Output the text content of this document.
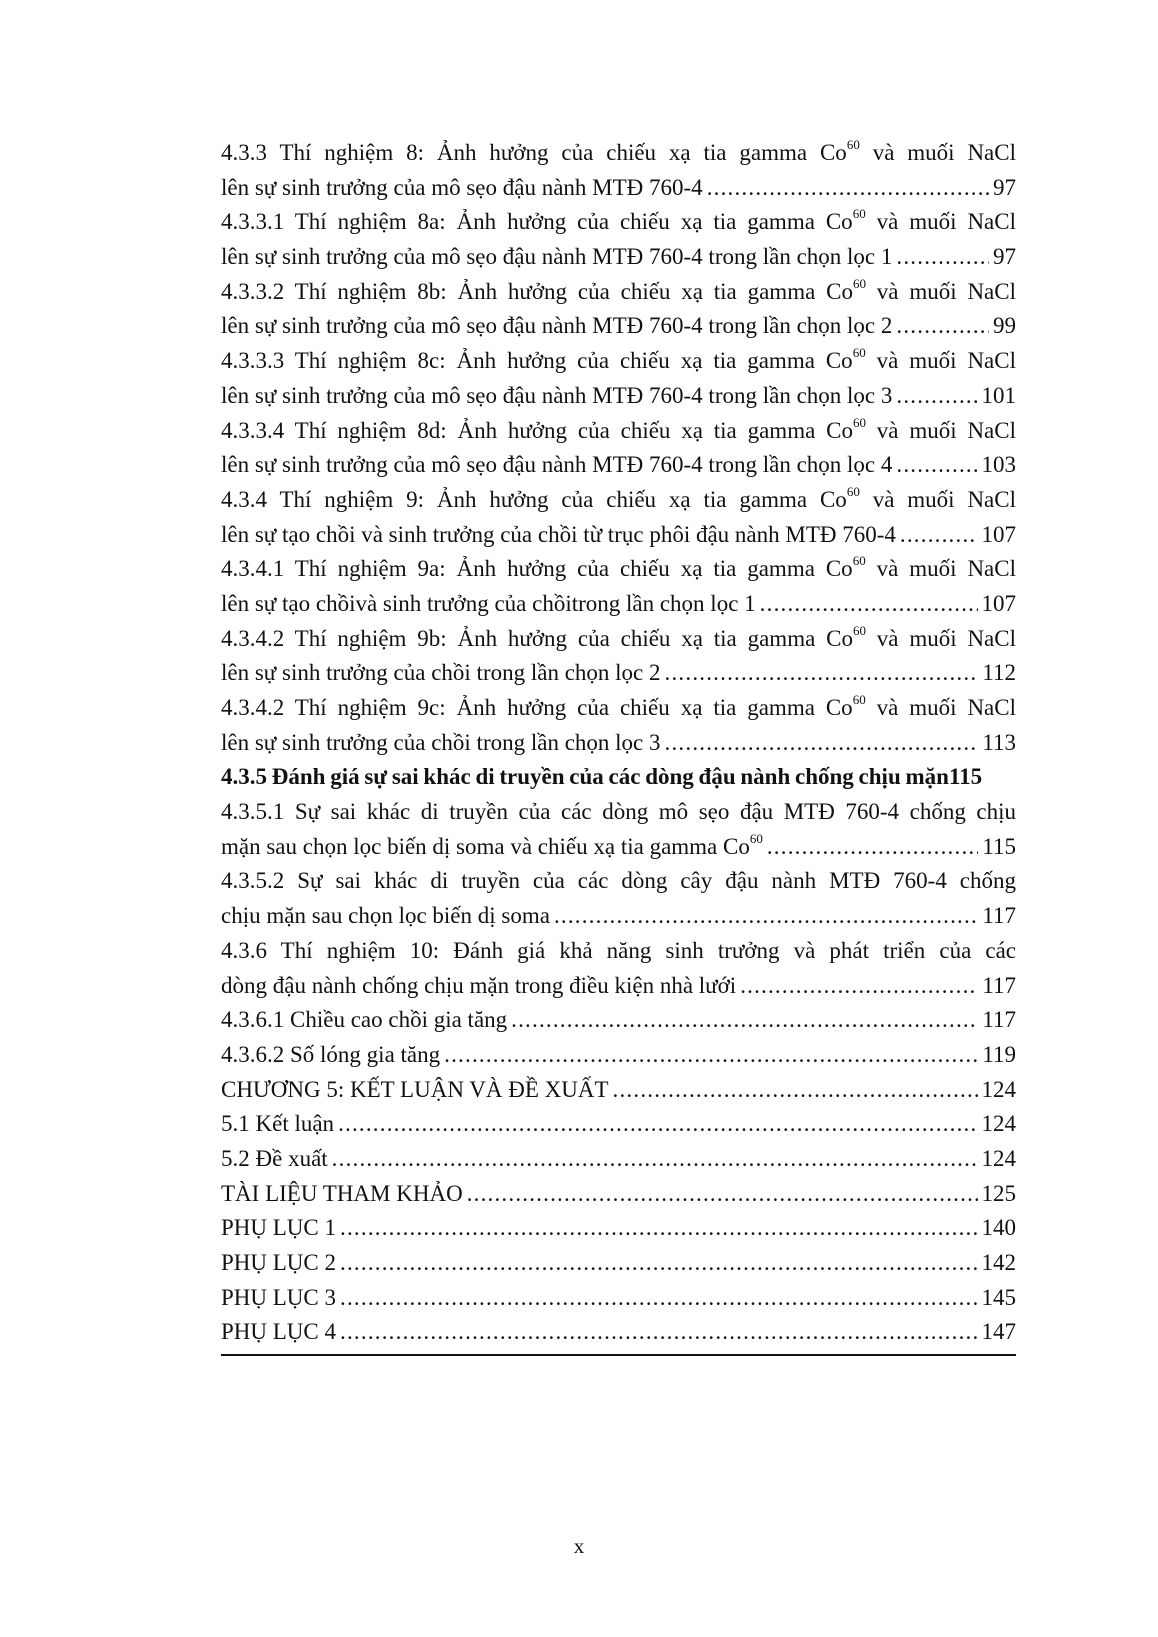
4.3.3 Thí nghiệm 8: Ảnh hưởng của chiếu xạ tia gamma Co$^{60}$ và muối NaCl
lên sự sinh trưởng của mô sẹo đậu nành MTĐ 760-4 .....	97
4.3.3.1 Thí nghiệm 8a: Ảnh hưởng của chiếu xạ tia gamma Co$^{60}$ và muối NaCl
lên sự sinh trưởng của mô sẹo đậu nành MTĐ 760-4 trong lần chọn lọc 1 .....	97
4.3.3.2 Thí nghiệm 8b: Ảnh hưởng của chiếu xạ tia gamma Co$^{60}$ và muối NaCl
lên sự sinh trưởng của mô sẹo đậu nành MTĐ 760-4 trong lần chọn lọc 2 .....	99
4.3.3.3 Thí nghiệm 8c: Ảnh hưởng của chiếu xạ tia gamma Co$^{60}$ và muối NaCl
lên sự sinh trưởng của mô sẹo đậu nành MTĐ 760-4 trong lần chọn lọc 3 .....	101
4.3.3.4 Thí nghiệm 8d: Ảnh hưởng của chiếu xạ tia gamma Co$^{60}$ và muối NaCl
lên sự sinh trưởng của mô sẹo đậu nành MTĐ 760-4 trong lần chọn lọc 4 .....	103
4.3.4 Thí nghiệm 9: Ảnh hưởng của chiếu xạ tia gamma Co$^{60}$ và muối NaCl
lên sự tạo chồi và sinh trưởng của chồi từ trục phôi đậu nành MTĐ 760-4 .....	107
4.3.4.1 Thí nghiệm 9a: Ảnh hưởng của chiếu xạ tia gamma Co$^{60}$ và muối NaCl
lên sự tạo chồivà sinh trưởng của chồitrong lần chọn lọc 1 .....	107
4.3.4.2 Thí nghiệm 9b: Ảnh hưởng của chiếu xạ tia gamma Co$^{60}$ và muối NaCl
lên sự sinh trưởng của chồi trong lần chọn lọc 2 .....	112
4.3.4.2 Thí nghiệm 9c: Ảnh hưởng của chiếu xạ tia gamma Co$^{60}$ và muối NaCl
lên sự sinh trưởng của chồi trong lần chọn lọc 3 .....	113
4.3.5 Đánh giá sự sai khác di truyền của các dòng đậu nành chống chịu mặn 115
4.3.5.1 Sự sai khác di truyền của các dòng mô sẹo đậu MTĐ 760-4 chống chịu
mặn sau chọn lọc biến dị soma và chiếu xạ tia gamma Co$^{60}$ .....	115
4.3.5.2 Sự sai khác di truyền của các dòng cây đậu nành MTĐ 760-4 chống
chịu mặn sau chọn lọc biến dị soma .....	117
4.3.6 Thí nghiệm 10: Đánh giá khả năng sinh trưởng và phát triển của các
dòng đậu nành chống chịu mặn trong điều kiện nhà lưới .....	117
4.3.6.1 Chiều cao chồi gia tăng .....	117
4.3.6.2 Số lóng gia tăng .....	119
CHƯƠNG 5: KẾT LUẬN VÀ ĐỀ XUẤT .....	124
5.1 Kết luận .....	124
5.2 Đề xuất .....	124
TÀI LIỆU THAM KHẢO .....	125
PHỤ LỤC 1 .....	140
PHỤ LỤC 2 .....	142
PHỤ LỤC 3 .....	145
PHỤ LỤC 4 .....	147
x
